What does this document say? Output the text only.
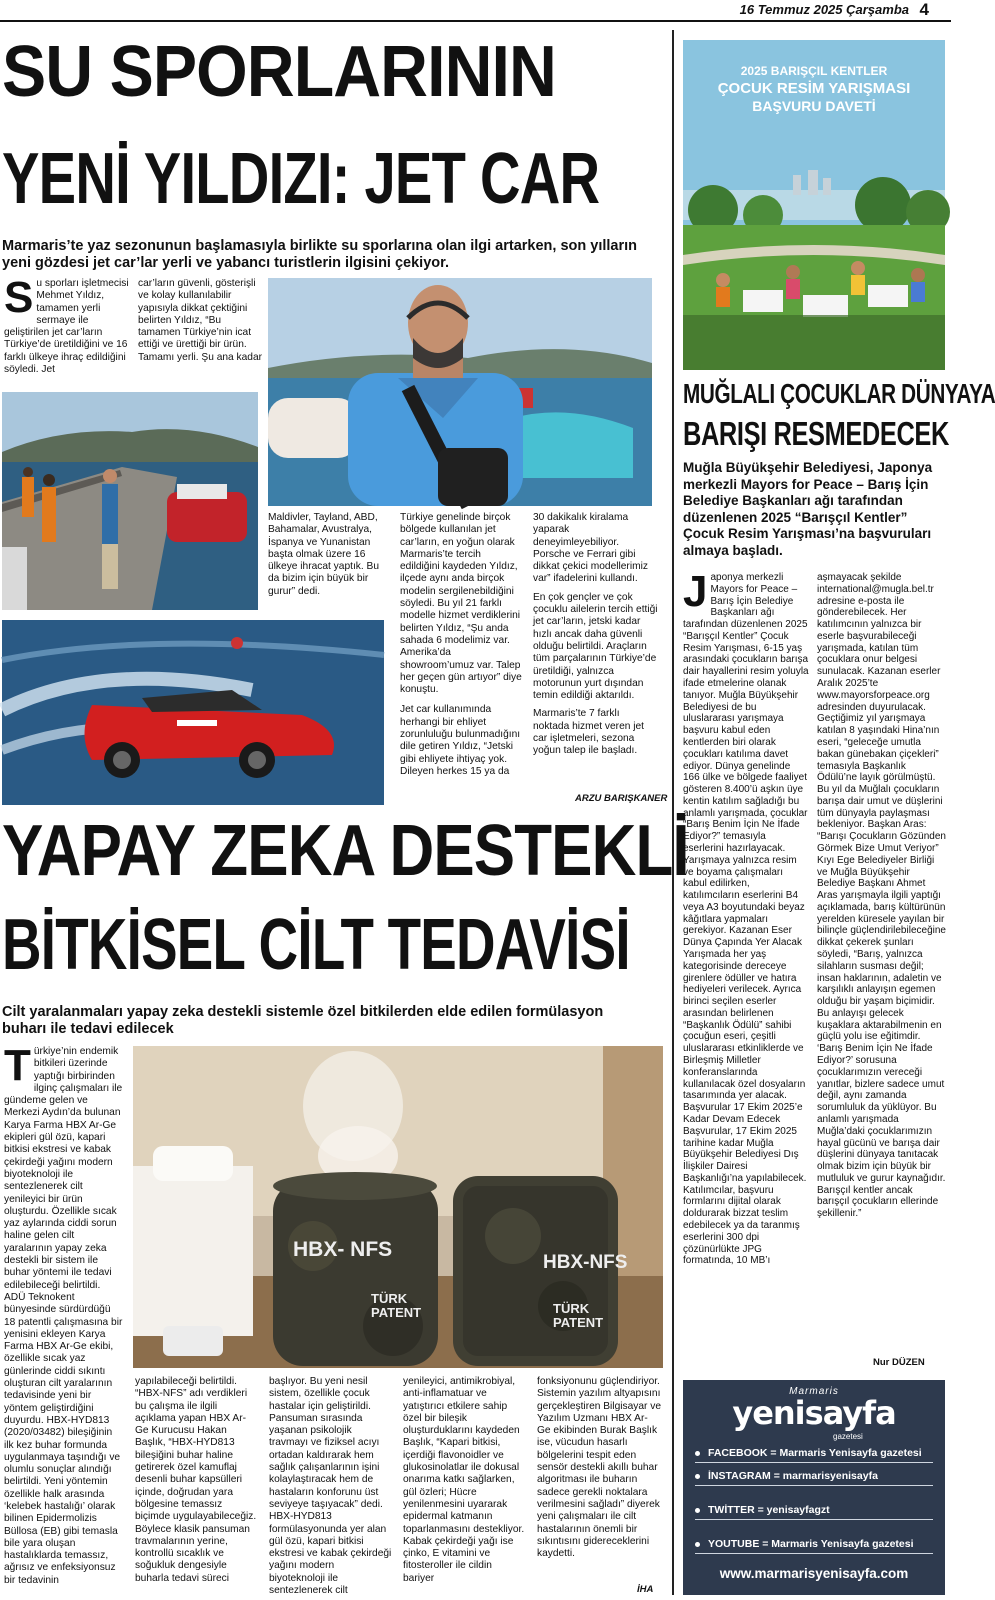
16 Temmuz 2025 Çarşamba 4
SU SPORLARININ
YENİ YILDIZI: JET CAR
Marmaris’te yaz sezonunun başlamasıyla birlikte su sporlarına olan ilgi artarken, son yılların yeni gözdesi jet car’lar yerli ve yabancı turistlerin ilgisini çekiyor.
S u sporları işletmecisi Mehmet Yıldız, tamamen yerli sermaye ile geliştirilen jet car’ların Türkiye’de üretildiğini ve 16 farklı ülkeye ihraç edildiğini söyledi. Jet
car’ların güvenli, gösterişli ve kolay kullanılabilir yapısıyla dikkat çektiğini belirten Yıldız, “Bu tamamen Türkiye’nin icat ettiği ve ürettiği bir ürün. Tamamı yerli. Şu ana kadar
Maldivler, Tayland, ABD, Bahamalar, Avustralya, İspanya ve Yunanistan başta olmak üzere 16 ülkeye ihracat yaptık. Bu da bizim için büyük bir gurur” dedi.

Türkiye genelinde birçok bölgede kullanılan jet car’ların, en yoğun olarak Marmaris’te tercih edildiğini kaydeden Yıldız, ilçede aynı anda birçok modelin sergilenebildiğini söyledi. Bu yıl 21 farklı modelle hizmet verdiklerini belirten Yıldız, “Şu anda sahada 6 modelimiz var. Amerika’da showroom’umuz var. Talep her geçen gün artıyor” diye konuştu.

Jet car kullanımında herhangi bir ehliyet zorunluluğu bulunmadığını dile getiren Yıldız, “Jetski gibi ehliyete ihtiyaç yok. Dileyen herkes 15 ya da

30 dakikalık kiralama yaparak deneyimleyebiliyor. Porsche ve Ferrari gibi dikkat çekici modellerimiz var” ifadelerini kullandı.

En çok gençler ve çok çocuklu ailelerin tercih ettiği jet car’ların, jetski kadar hızlı ancak daha güvenli olduğu belirtildi. Araçların tüm parçalarının Türkiye’de üretildiği, yalnızca motorunun yurt dışından temin edildiği aktarıldı.

Marmaris’te 7 farklı noktada hizmet veren jet car işletmeleri, sezona yoğun talep ile başladı.

ARZU BARIŞKANER
YAPAY ZEKA DESTEKLİ
BİTKİSEL CİLT TEDAVİSİ
Cilt yaralanmaları yapay zeka destekli sistemle özel bitkilerden elde edilen formülasyon buharı ile tedavi edilecek
T ürkiye’nin endemik bitkileri üzerinde yaptığı birbirinden ilginç çalışmaları ile gündeme gelen ve Merkezi Aydın’da bulunan Karya Farma HBX Ar-Ge ekipleri gül özü, kapari bitkisi ekstresi ve kabak çekirdeği yağını modern biyoteknoloji ile sentezlenerek cilt yenileyici bir ürün oluşturdu. Özellikle sıcak yaz aylarında ciddi sorun haline gelen cilt yaralarının yapay zeka destekli bir sistem ile buhar yöntemi ile tedavi edilebileceği belirtildi. ADÜ Teknokent bünyesinde sürdürdüğü 18 patentli çalışmasına bir yenisini ekleyen Karya Farma HBX Ar-Ge ekibi, özellikle sıcak yaz günlerinde ciddi sıkıntı oluşturan cilt yaralarının tedavisinde yeni bir yöntem geliştirdiğini duyurdu. HBX-HYD813 (2020/03482) bileşiğinin ilk kez buhar formunda uygulanmaya taşındığı ve olumlu sonuçlar alındığı belirtildi. Yeni yöntemin özellikle halk arasında ‘kelebek hastalığı’ olarak bilinen Epidermolizis Büllosa (EB) gibi temasla bile yara oluşan hastalıklarda temassız, ağrısız ve enfeksiyonsuz bir tedavinin
HBX- NFS
TÜRK PATENT
HBX-NFS
TÜRK PATENT
yapılabileceği belirtildi. “HBX-NFS” adı verdikleri bu çalışma ile ilgili açıklama yapan HBX Ar-Ge Kurucusu Hakan Başlık, “HBX-HYD813 bileşiğini buhar haline getirerek özel kamuflaj desenli buhar kapsülleri içinde, doğrudan yara bölgesine temassız biçimde uygulayabileceğiz. Böylece klasik pansuman travmalarının yerine, kontrollü sıcaklık ve soğukluk dengesiyle buharla tedavi süreci
başlıyor. Bu yeni nesil sistem, özellikle çocuk hastalar için geliştirildi. Pansuman sırasında yaşanan psikolojik travmayı ve fiziksel acıyı ortadan kaldırarak hem sağlık çalışanlarının işini kolaylaştıracak hem de hastaların konforunu üst seviyeye taşıyacak” dedi. HBX-HYD813 formülasyonunda yer alan gül özü, kapari bitkisi ekstresi ve kabak çekirdeği yağını modern biyoteknoloji ile sentezlenerek cilt
yenileyici, antimikrobiyal, anti-inflamatuar ve yatıştırıcı etkilere sahip özel bir bileşik oluşturduklarını kaydeden Başlık, “Kapari bitkisi, içerdiği flavonoidler ve glukosinolatlar ile dokusal onarıma katkı sağlarken, gül özleri; Hücre yenilenmesini uyararak epidermal katmanın toparlanmasını destekliyor. Kabak çekirdeği yağı ise çinko, E vitamini ve fitosteroller ile cildin bariyer
fonksiyonunu güçlendiriyor. Sistemin yazılım altyapısını gerçekleştiren Bilgisayar ve Yazılım Uzmanı HBX Ar-Ge ekibinden Burak Başlık ise, vücudun hasarlı bölgelerini tespit eden sensör destekli akıllı buhar algoritması ile buharın sadece gerekli noktalara verilmesini sağladı” diyerek yeni çalışmaları ile cilt hastalarının önemli bir sıkıntısını gidereceklerini kaydetti.
İHA
2025 BARIŞÇIL KENTLER
ÇOCUK RESİM YARIŞMASI
BAŞVURU DAVETİ
MUĞLALI ÇOCUKLAR DÜNYAYA
BARIŞI RESMEDECEK
Muğla Büyükşehir Belediyesi, Japonya merkezli Mayors for Peace – Barış İçin Belediye Başkanları ağı tarafından düzenlenen 2025 “Barışçıl Kentler” Çocuk Resim Yarışması’na başvuruları almaya başladı.
J aponya merkezli Mayors for Peace – Barış İçin Belediye Başkanları ağı tarafından düzenlenen 2025 “Barışçıl Kentler” Çocuk Resim Yarışması, 6-15 yaş arasındaki çocukların barışa dair hayallerini resim yoluyla ifade etmelerine olanak tanıyor. Muğla Büyükşehir Belediyesi de bu uluslararası yarışmaya başvuru kabul eden kentlerden biri olarak çocukları katılıma davet ediyor. Dünya genelinde 166 ülke ve bölgede faaliyet gösteren 8.400’ü aşkın üye kentin katılım sağladığı bu anlamlı yarışmada, çocuklar “Barış Benim İçin Ne İfade Ediyor?” temasıyla eserlerini hazırlayacak. Yarışmaya yalnızca resim ve boyama çalışmaları kabul edilirken, katılımcıların eserlerini B4 veya A3 boyutundaki beyaz kâğıtlara yapmaları gerekiyor. Kazanan Eser Dünya Çapında Yer Alacak Yarışmada her yaş kategorisinde dereceye girenlere ödüller ve hatıra hediyeleri verilecek. Ayrıca birinci seçilen eserler arasından belirlenen “Başkanlık Ödülü” sahibi çocuğun eseri, çeşitli uluslararası etkinliklerde ve Birleşmiş Milletler konferanslarında kullanılacak özel dosyaların tasarımında yer alacak. Başvurular 17 Ekim 2025’e Kadar Devam Edecek Başvurular, 17 Ekim 2025 tarihine kadar Muğla Büyükşehir Belediyesi Dış İlişkiler Dairesi Başkanlığı’na yapılabilecek. Katılımcılar, başvuru formlarını dijital olarak doldurarak bizzat teslim edebilecek ya da taranmış eserlerini 300 dpi çözünürlükte JPG formatında, 10 MB’ı
aşmayacak şekilde international@mugla.bel.tr adresine e-posta ile gönderebilecek. Her katılımcının yalnızca bir eserle başvurabileceği yarışmada, katılan tüm çocuklara onur belgesi sunulacak. Kazanan eserler Aralık 2025’te www.mayorsforpeace.org adresinden duyurulacak. Geçtiğimiz yıl yarışmaya katılan 8 yaşındaki Hina’nın eseri, “geleceğe umutla bakan günebakan çiçekleri” temasıyla Başkanlık Ödülü’ne layık görülmüştü. Bu yıl da Muğlalı çocukların barışa dair umut ve düşlerini tüm dünyayla paylaşması bekleniyor. Başkan Aras: “Barışı Çocukların Gözünden Görmek Bize Umut Veriyor” Kıyı Ege Belediyeler Birliği ve Muğla Büyükşehir Belediye Başkanı Ahmet Aras yarışmayla ilgili yaptığı açıklamada, barış kültürünün yerelden küresele yayılan bir bilinçle güçlendirilebileceğine dikkat çekerek şunları söyledi, “Barış, yalnızca silahların susması değil; insan haklarının, adaletin ve karşılıklı anlayışın egemen olduğu bir yaşam biçimidir. Bu anlayışı gelecek kuşaklara aktarabilmenin en güçlü yolu ise eğitimdir. ‘Barış Benim İçin Ne İfade Ediyor?’ sorusuna çocuklarımızın vereceği yanıtlar, bizlere sadece umut değil, aynı zamanda sorumluluk da yüklüyor. Bu anlamlı yarışmada Muğla’daki çocuklarımızın hayal gücünü ve barışa dair düşlerini dünyaya tanıtacak olmak bizim için büyük bir mutluluk ve gurur kaynağıdır. Barışçıl kentler ancak barışçıl çocukların ellerinde şekillenir.”
Nur DÜZEN
Marmaris
yenisayfa
gazetesi
FACEBOOK = Marmaris Yenisayfa gazetesi
İNSTAGRAM = marmarisyenisayfa
TWİTTER = yenisayfagzt
YOUTUBE = Marmaris Yenisayfa gazetesi
www.marmarisyenisayfa.com
